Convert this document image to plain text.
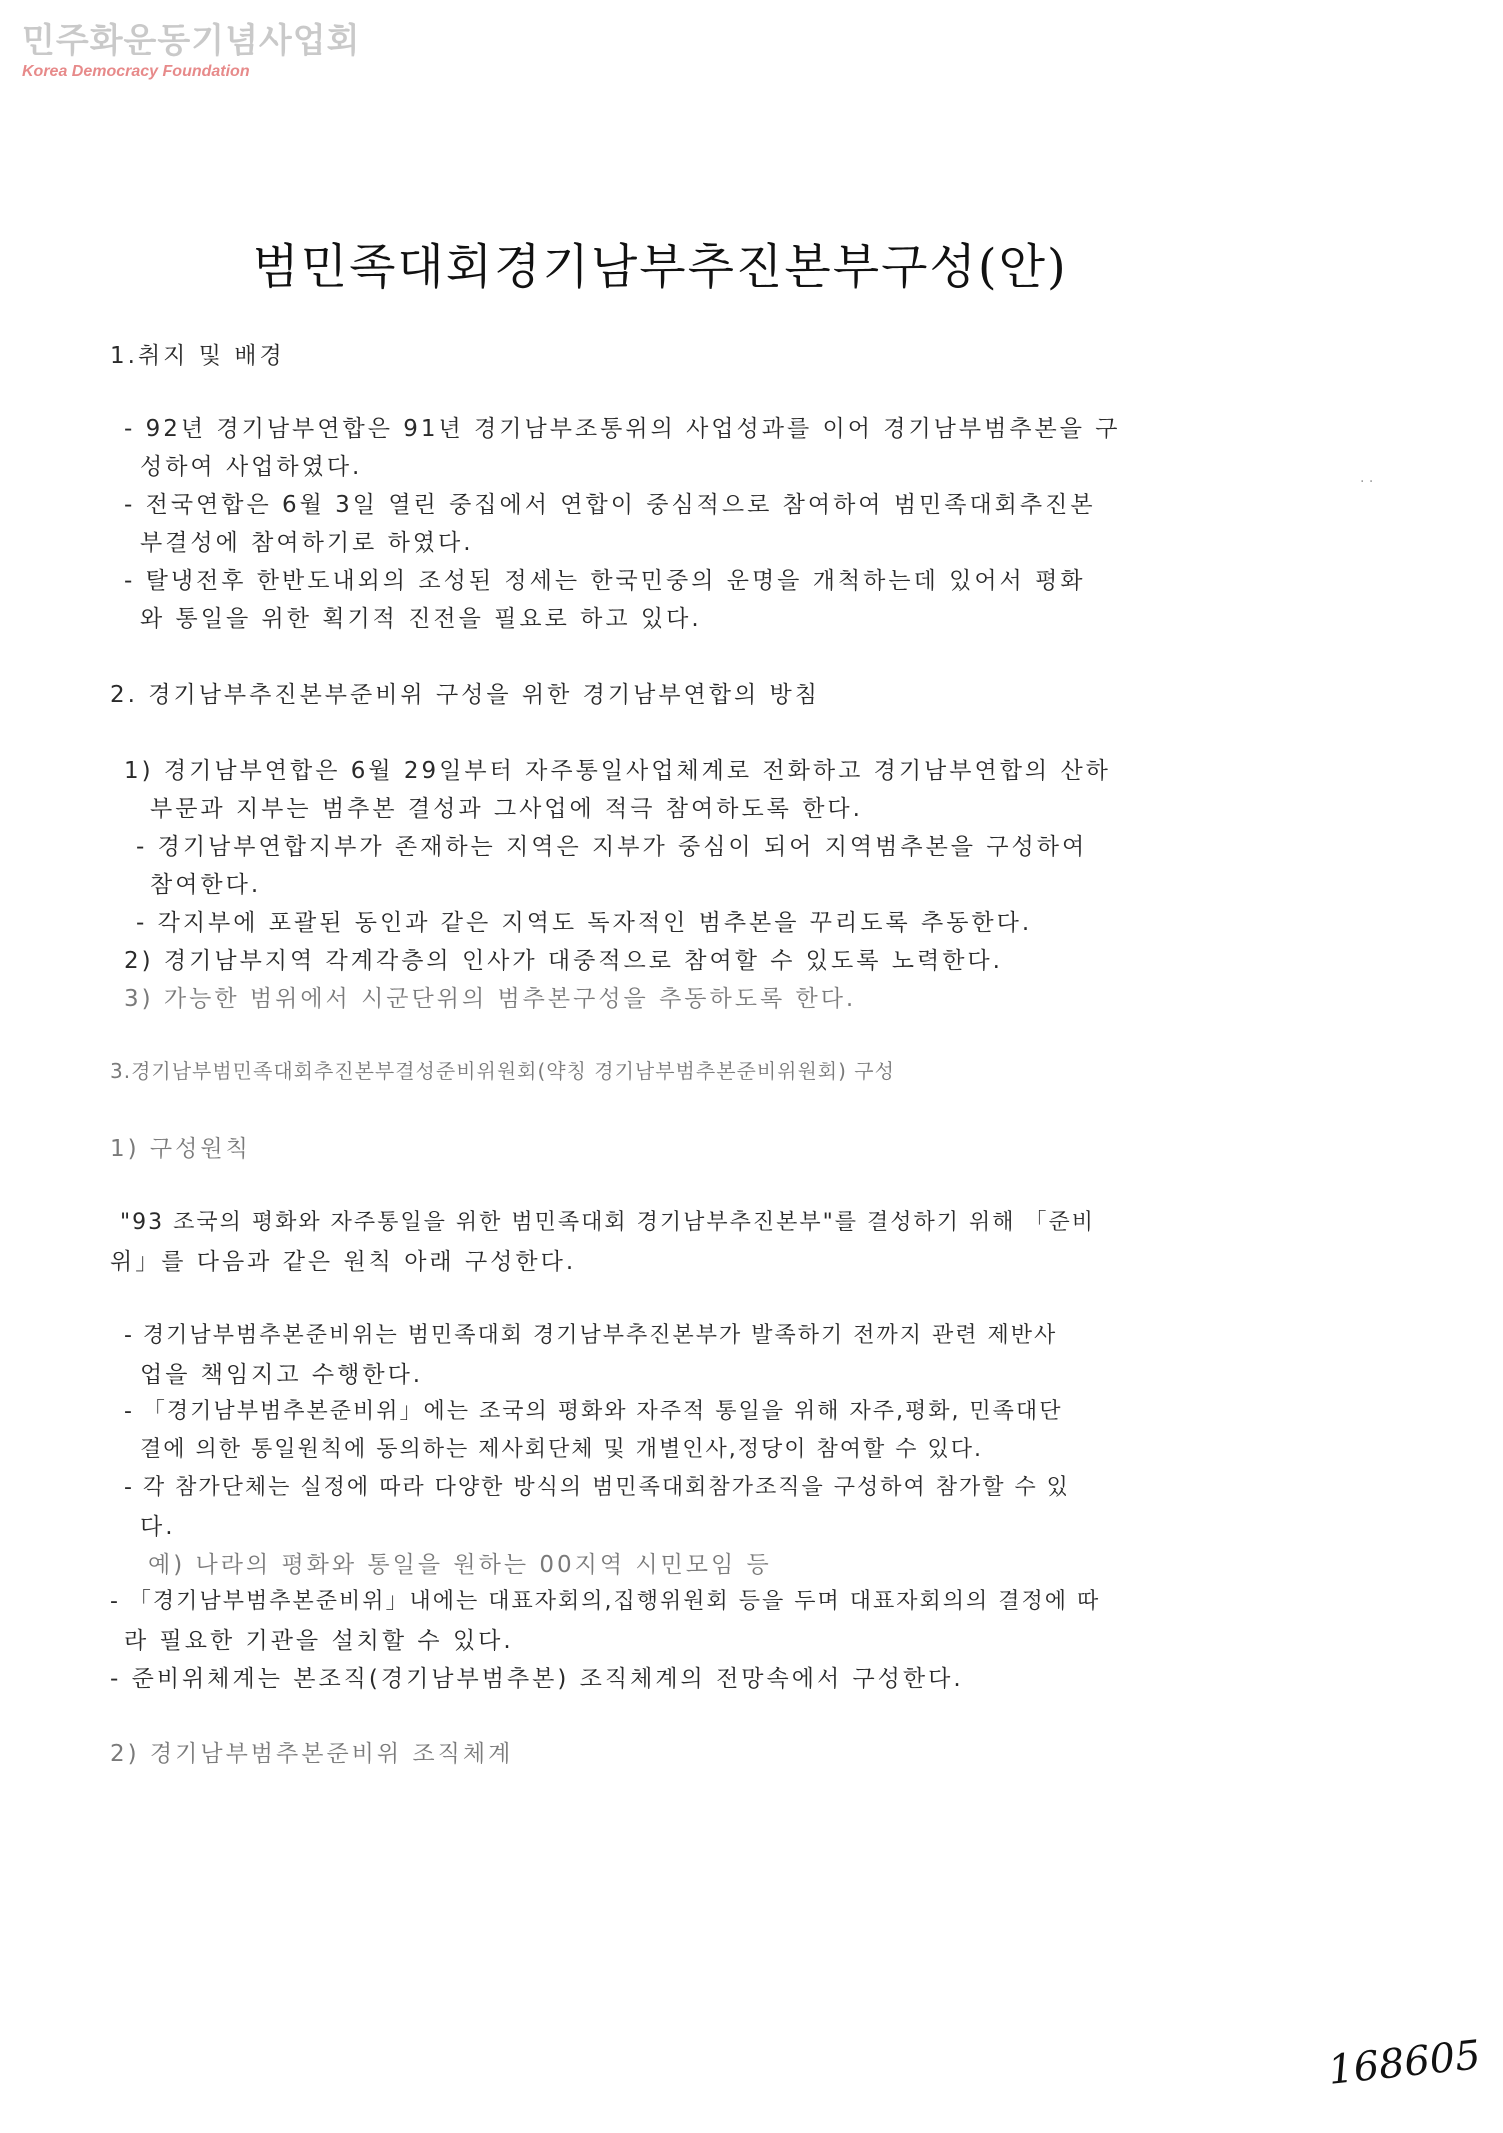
민주화운동기념사업회
Korea Democracy Foundation
범민족대회경기남부추진본부구성(안)
1.취지 및 배경
- 92년 경기남부연합은 91년 경기남부조통위의 사업성과를 이어 경기남부범추본을 구
성하여 사업하였다.
- 전국연합은 6월 3일 열린 중집에서 연합이 중심적으로 참여하여 범민족대회추진본
부결성에 참여하기로 하였다.
- 탈냉전후 한반도내외의 조성된 정세는 한국민중의 운명을 개척하는데 있어서 평화
와 통일을 위한 획기적 진전을 필요로 하고 있다.
2. 경기남부추진본부준비위 구성을 위한 경기남부연합의 방침
1) 경기남부연합은 6월 29일부터 자주통일사업체계로 전화하고 경기남부연합의 산하
부문과 지부는 범추본 결성과 그사업에 적극 참여하도록 한다.
- 경기남부연합지부가 존재하는 지역은 지부가 중심이 되어 지역범추본을 구성하여
참여한다.
- 각지부에 포괄된 동인과 같은 지역도 독자적인 범추본을 꾸리도록 추동한다.
2) 경기남부지역 각계각층의 인사가 대중적으로 참여할 수 있도록 노력한다.
3) 가능한 범위에서 시군단위의 범추본구성을 추동하도록 한다.
3.경기남부범민족대회추진본부결성준비위원회(약칭 경기남부범추본준비위원회) 구성
1) 구성원칙
"93 조국의 평화와 자주통일을 위한 범민족대회 경기남부추진본부"를 결성하기 위해 「준비
위」를 다음과 같은 원칙 아래 구성한다.
- 경기남부범추본준비위는 범민족대회 경기남부추진본부가 발족하기 전까지 관련 제반사
업을 책임지고 수행한다.
- 「경기남부범추본준비위」에는 조국의 평화와 자주적 통일을 위해 자주,평화, 민족대단
결에 의한 통일원칙에 동의하는 제사회단체 및 개별인사,정당이 참여할 수 있다.
- 각 참가단체는 실정에 따라 다양한 방식의 범민족대회참가조직을 구성하여 참가할 수 있
다.
예) 나라의 평화와 통일을 원하는 00지역 시민모임 등
- 「경기남부범추본준비위」내에는 대표자회의,집행위원회 등을 두며 대표자회의의 결정에 따
라 필요한 기관을 설치할 수 있다.
- 준비위체계는 본조직(경기남부범추본) 조직체계의 전망속에서 구성한다.
2) 경기남부범추본준비위 조직체계
. .
168605
